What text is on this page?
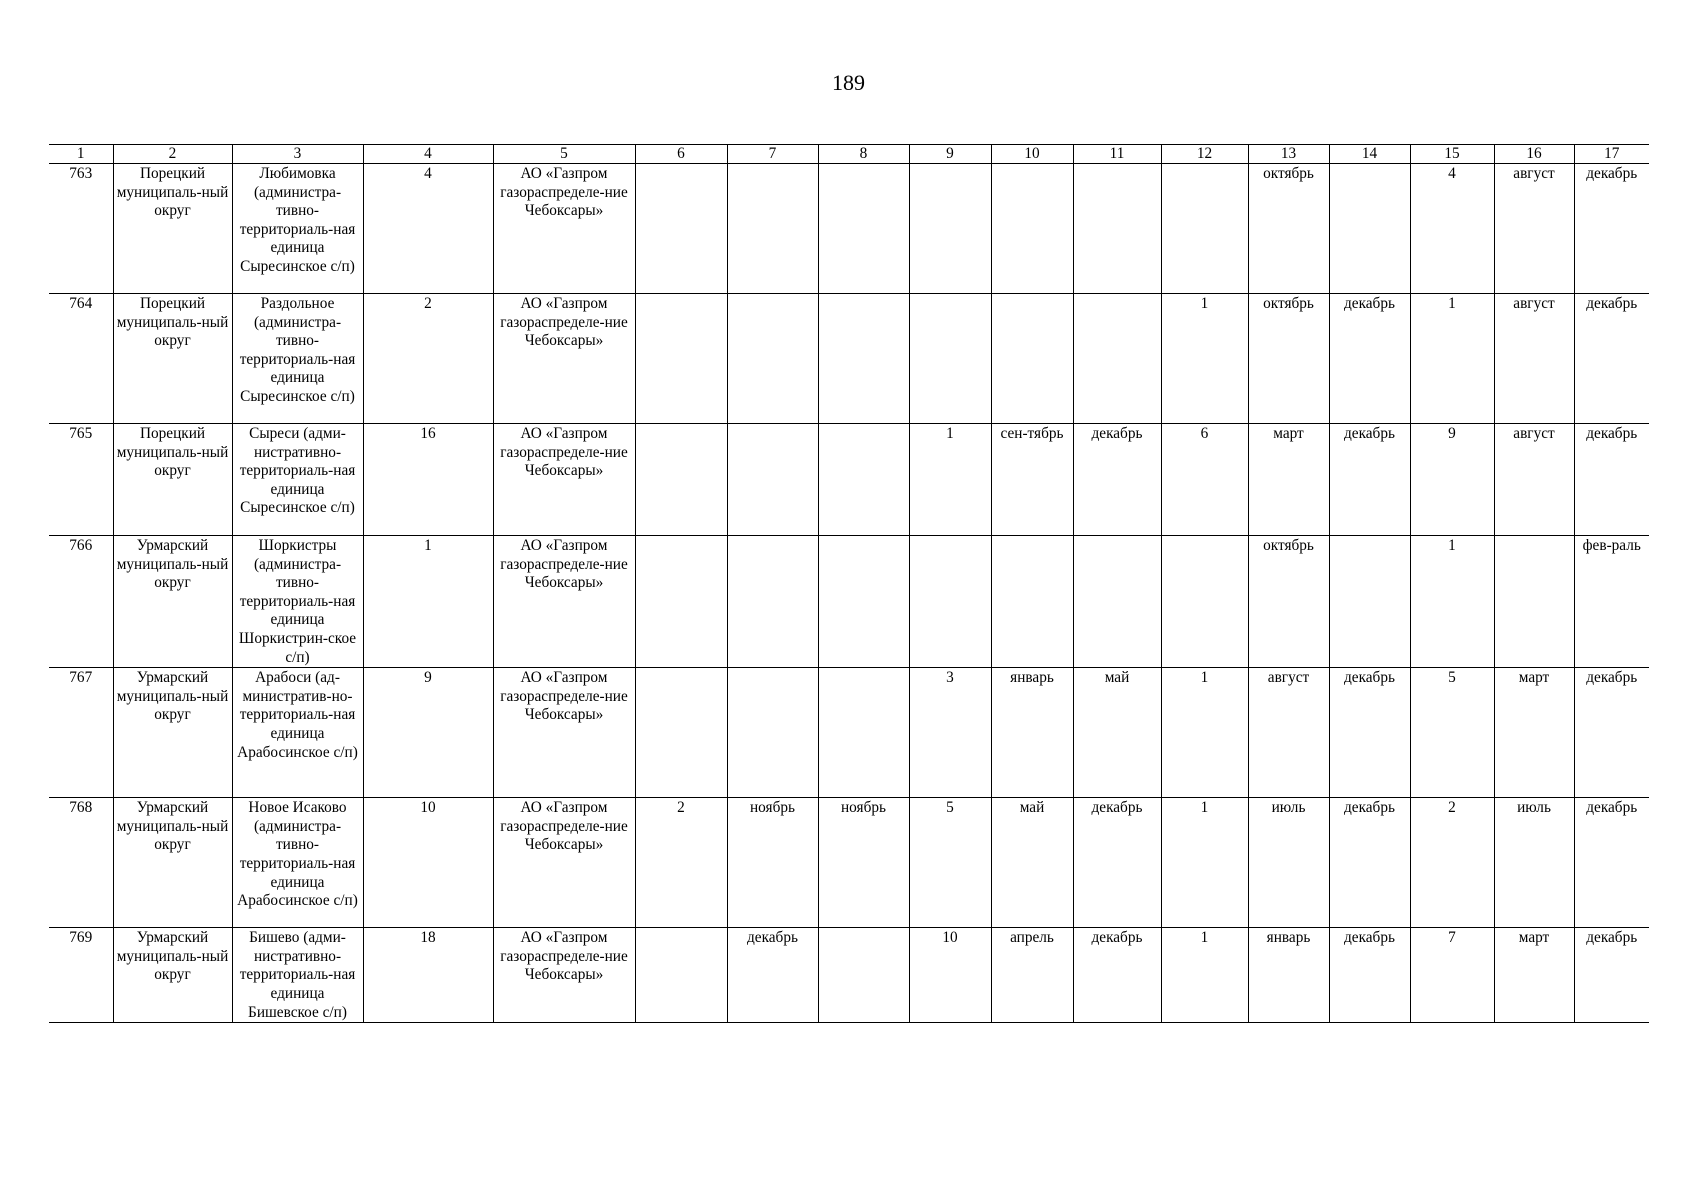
189
1	2	3	4	5	6	7	8	9	10	11	12	13	14	15	16	17
763	Порецкий муниципаль-ный округ	Любимовка (администра-тивно-территориаль-ная единица Сыресинское с/п)	4	АО «Газпром газораспределе-ние Чебоксары»								октябрь		4	август	декабрь
764	Порецкий муниципаль-ный округ	Раздольное (администра-тивно-территориаль-ная единица Сыресинское с/п)	2	АО «Газпром газораспределе-ние Чебоксары»							1	октябрь	декабрь	1	август	декабрь
765	Порецкий муниципаль-ный округ	Сыреси (адми-нистративно-территориаль-ная единица Сыресинское с/п)	16	АО «Газпром газораспределе-ние Чебоксары»				1	сен-тябрь	декабрь	6	март	декабрь	9	август	декабрь
766	Урмарский муниципаль-ный округ	Шоркистры (администра-тивно-территориаль-ная единица Шоркистрин-ское с/п)	1	АО «Газпром газораспределе-ние Чебоксары»								октябрь		1		фев-раль
767	Урмарский муниципаль-ный округ	Арабоси (ад-министратив-но-территориаль-ная единица Арабосинское с/п)	9	АО «Газпром газораспределе-ние Чебоксары»				3	январь	май	1	август	декабрь	5	март	декабрь
768	Урмарский муниципаль-ный округ	Новое Исаково (администра-тивно-территориаль-ная единица Арабосинское с/п)	10	АО «Газпром газораспределе-ние Чебоксары»	2	ноябрь	ноябрь	5	май	декабрь	1	июль	декабрь	2	июль	декабрь
769	Урмарский муниципаль-ный округ	Бишево (адми-нистративно-территориаль-ная единица Бишевское с/п)	18	АО «Газпром газораспределе-ние Чебоксары»		декабрь		10	апрель	декабрь	1	январь	декабрь	7	март	декабрь
